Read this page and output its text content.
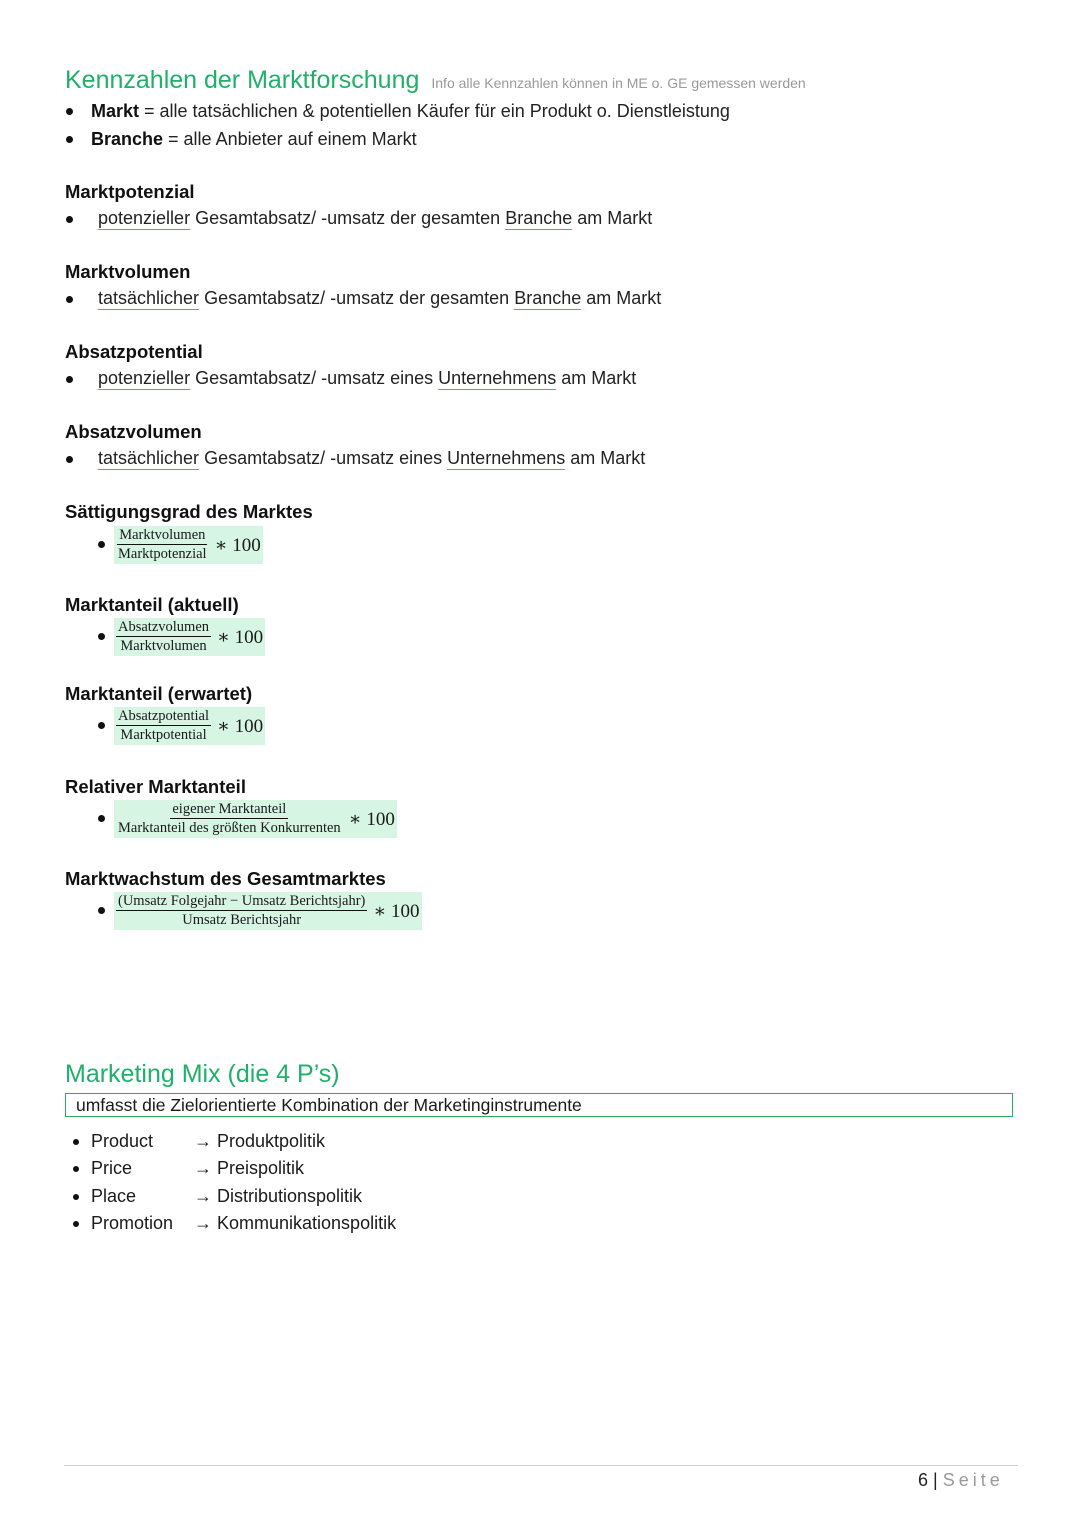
Kennzahlen der Marktforschung Info alle Kennzahlen können in ME o. GE gemessen werden
Markt = alle tatsächlichen & potentiellen Käufer für ein Produkt o. Dienstleistung
Branche = alle Anbieter auf einem Markt
Marktpotenzial
potenzieller Gesamtabsatz/ -umsatz der gesamten Branche am Markt
Marktvolumen
tatsächlicher Gesamtabsatz/ -umsatz der gesamten Branche am Markt
Absatzpotential
potenzieller Gesamtabsatz/ -umsatz eines Unternehmens am Markt
Absatzvolumen
tatsächlicher Gesamtabsatz/ -umsatz eines Unternehmens am Markt
Sättigungsgrad des Marktes
$\frac{\text{Marktvolumen}}{\text{Marktpotenzial}}$ ∗ 100
Marktanteil (aktuell)
$\frac{\text{Absatzvolumen}}{\text{Marktvolumen}}$ ∗ 100
Marktanteil (erwartet)
$\frac{\text{Absatzpotential}}{\text{Marktpotential}}$ ∗ 100
Relativer Marktanteil
$\frac{\text{eigener Marktanteil}}{\text{Marktanteil des größten Konkurrenten}}$ ∗ 100
Marktwachstum des Gesamtmarktes
$\frac{\text{(Umsatz Folgejahr − Umsatz Berichtsjahr)}}{\text{Umsatz Berichtsjahr}}$ ∗ 100
Marketing Mix (die 4 P’s)
umfasst die Zielorientierte Kombination der Marketinginstrumente
Product → Produktpolitik
Price	→ Preispolitik
Place	→ Distributionspolitik
Promotion → Kommunikationspolitik
6 | Seite
